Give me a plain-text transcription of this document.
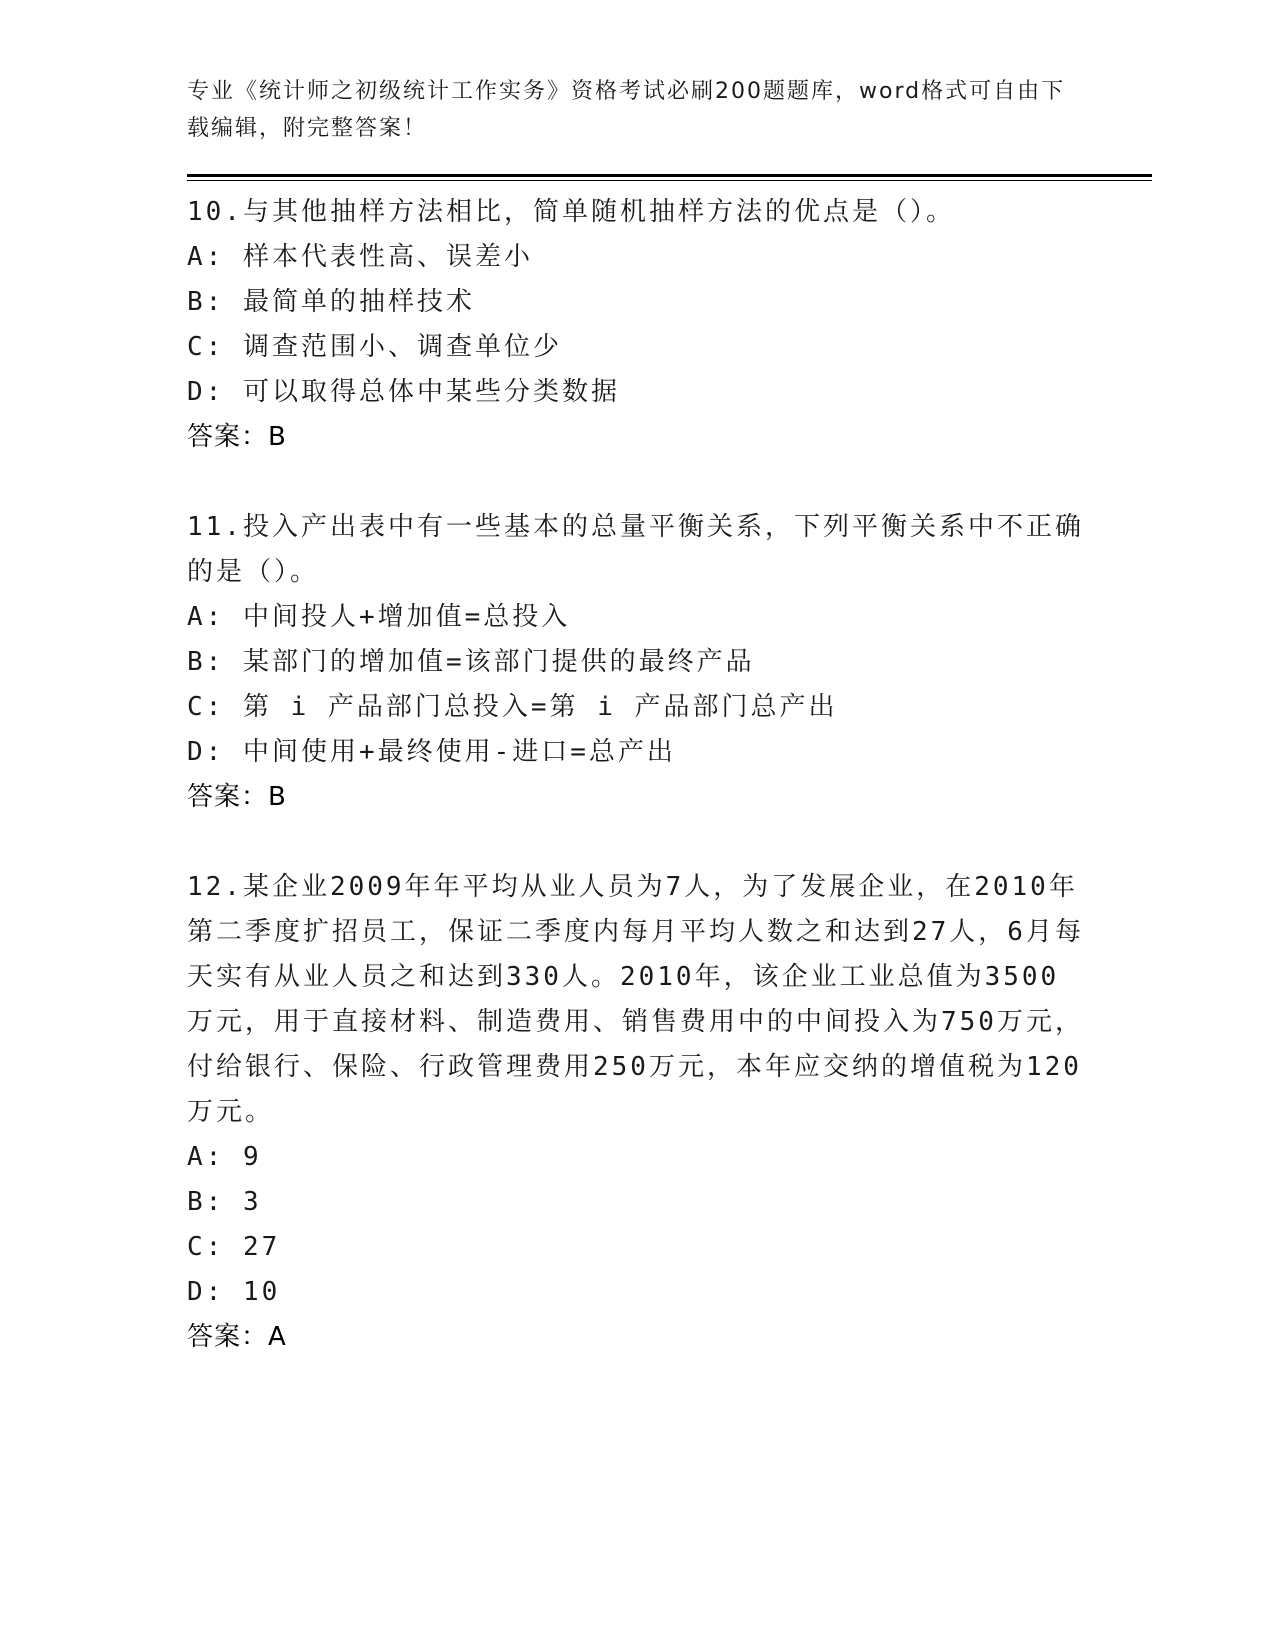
专业《统计师之初级统计工作实务》资格考试必刷200题题库，word格式可自由下载编辑，附完整答案！

10.与其他抽样方法相比，简单随机抽样方法的优点是（）。

A: 样本代表性高、误差小

B: 最简单的抽样技术

C: 调查范围小、调查单位少

D: 可以取得总体中某些分类数据

答案：B

11.投入产出表中有一些基本的总量平衡关系，下列平衡关系中不正确的是（）。

A: 中间投人+增加值=总投入

B: 某部门的增加值=该部门提供的最终产品

C: 第 i 产品部门总投入=第 i 产品部门总产出

D: 中间使用+最终使用-进口=总产出

答案：B

12.某企业2009年年平均从业人员为7人，为了发展企业，在2010年第二季度扩招员工，保证二季度内每月平均人数之和达到27人，6月每天实有从业人员之和达到330人。2010年，该企业工业总值为3500万元，用于直接材料、制造费用、销售费用中的中间投入为750万元，付给银行、保险、行政管理费用250万元，本年应交纳的增值税为120万元。

A: 9

B: 3

C: 27

D: 10

答案：A
